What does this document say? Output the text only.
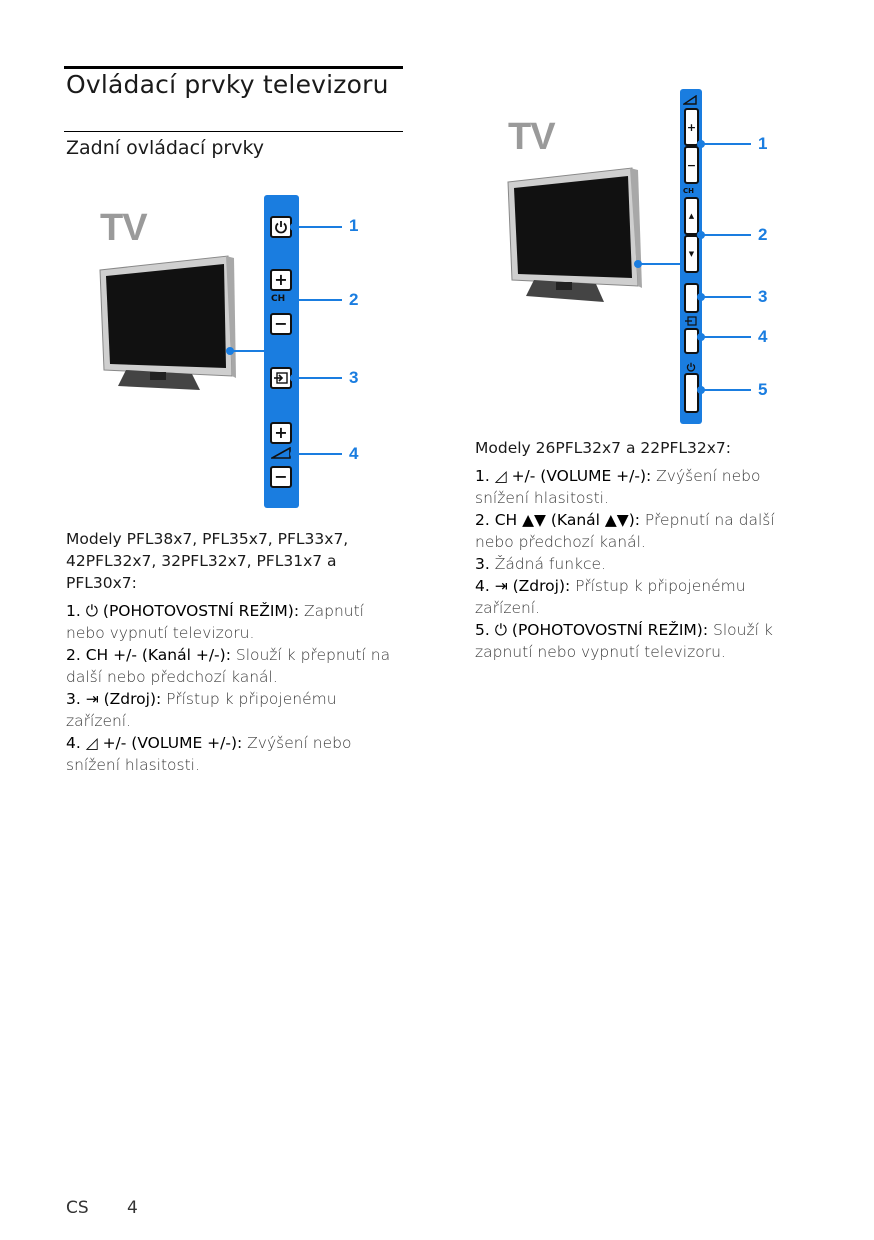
Ovládací prvky televizoru
Zadní ovládací prvky
TV
+
CH
−
+
−
1
2
3
4
TV	+
−
CH
▲
▼
1
2
3
4
5

Modely PFL38x7, PFL35x7, PFL33x7, 42PFL32x7, 32PFL32x7, PFL31x7 a PFL30x7:

1. ⏻ (POHOTOVOSTNÍ REŽIM): Zapnutí nebo vypnutí televizoru.

2. CH +/- (Kanál +/-): Slouží k přepnutí na další nebo předchozí kanál.

3. ⇥ (Zdroj): Přístup k připojenému zařízení.

4. ◿ +/- (VOLUME +/-): Zvýšení nebo snížení hlasitosti.

Modely 26PFL32x7 a 22PFL32x7:

1. ◿ +/- (VOLUME +/-): Zvýšení nebo snížení hlasitosti.

2. CH ▲▼ (Kanál ▲▼): Přepnutí na další nebo předchozí kanál.

3. Žádná funkce.

4. ⇥ (Zdroj): Přístup k připojenému zařízení.

5. ⏻ (POHOTOVOSTNÍ REŽIM): Slouží k zapnutí nebo vypnutí televizoru.

CS 4
